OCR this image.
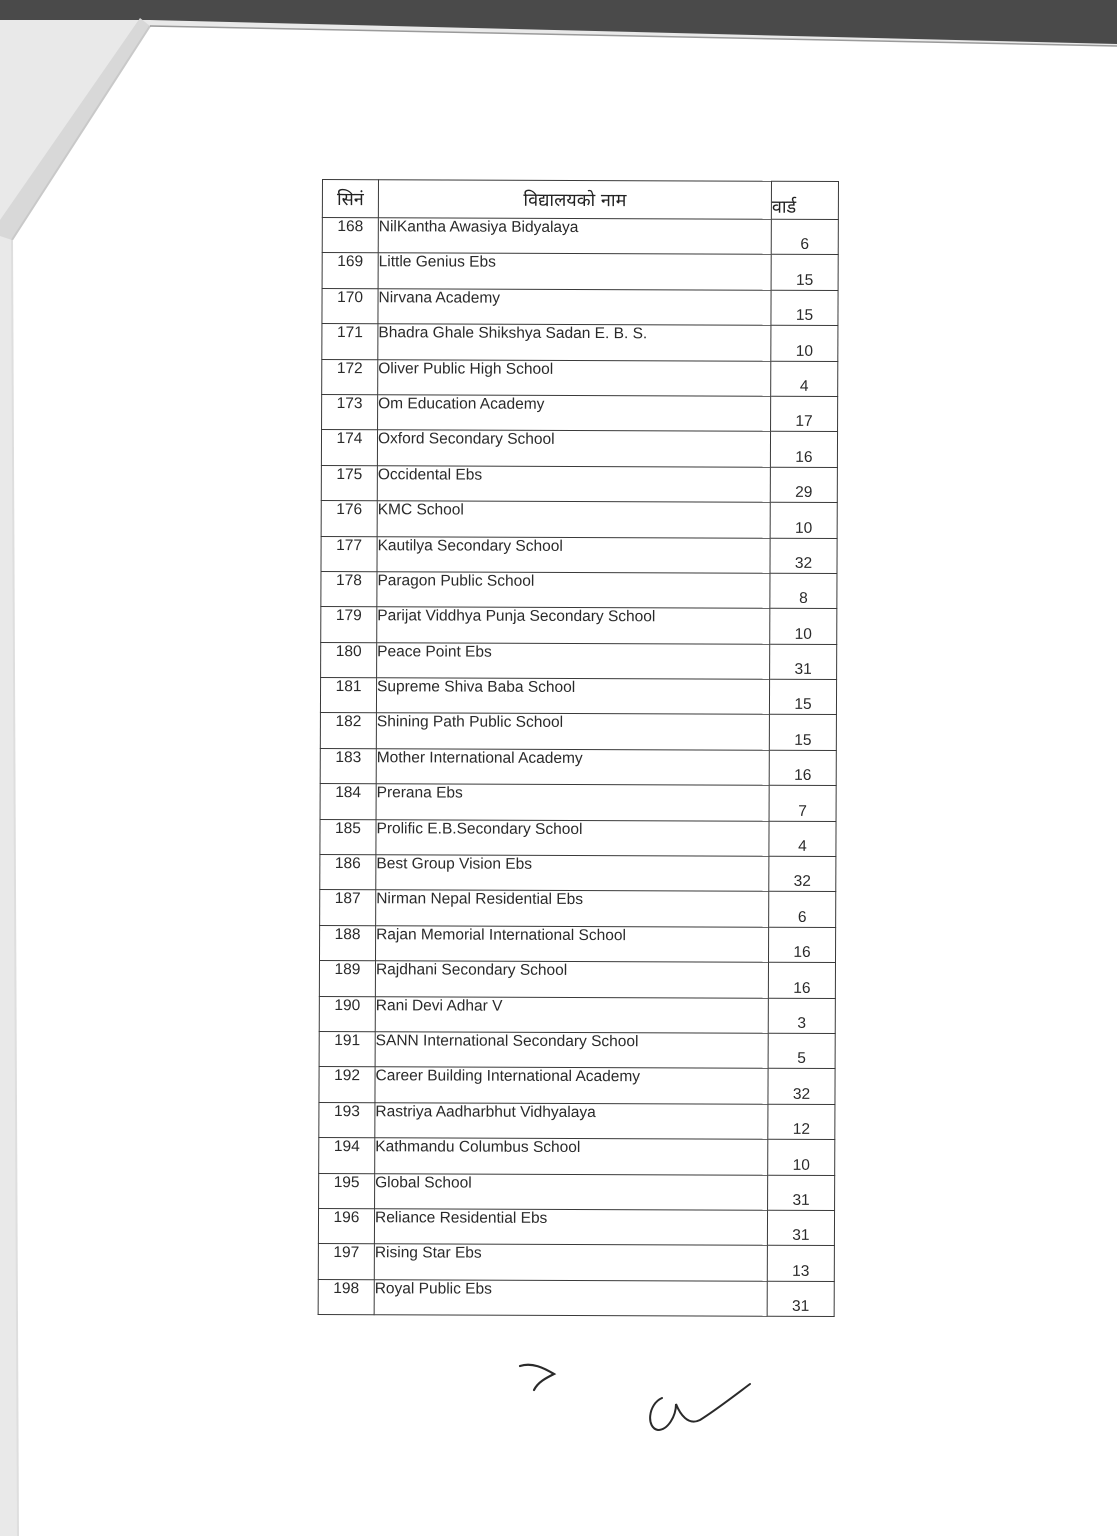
सिनं	विद्यालयको नाम	वार्ड
168	NilKantha Awasiya Bidyalaya	6
169	Little Genius Ebs	15
170	Nirvana Academy	15
171	Bhadra Ghale Shikshya Sadan E. B. S.	10
172	Oliver Public High School	4
173	Om Education Academy	17
174	Oxford Secondary School	16
175	Occidental Ebs	29
176	KMC School	10
177	Kautilya Secondary School	32
178	Paragon Public School	8
179	Parijat Viddhya Punja Secondary School	10
180	Peace Point Ebs	31
181	Supreme Shiva Baba School	15
182	Shining Path Public School	15
183	Mother International Academy	16
184	Prerana Ebs	7
185	Prolific E.B.Secondary School	4
186	Best Group Vision Ebs	32
187	Nirman Nepal Residential Ebs	6
188	Rajan Memorial International School	16
189	Rajdhani Secondary School	16
190	Rani Devi Adhar V	3
191	SANN International Secondary School	5
192	Career Building International Academy	32
193	Rastriya Aadharbhut Vidhyalaya	12
194	Kathmandu Columbus School	10
195	Global School	31
196	Reliance Residential Ebs	31
197	Rising Star Ebs	13
198	Royal Public Ebs	31
